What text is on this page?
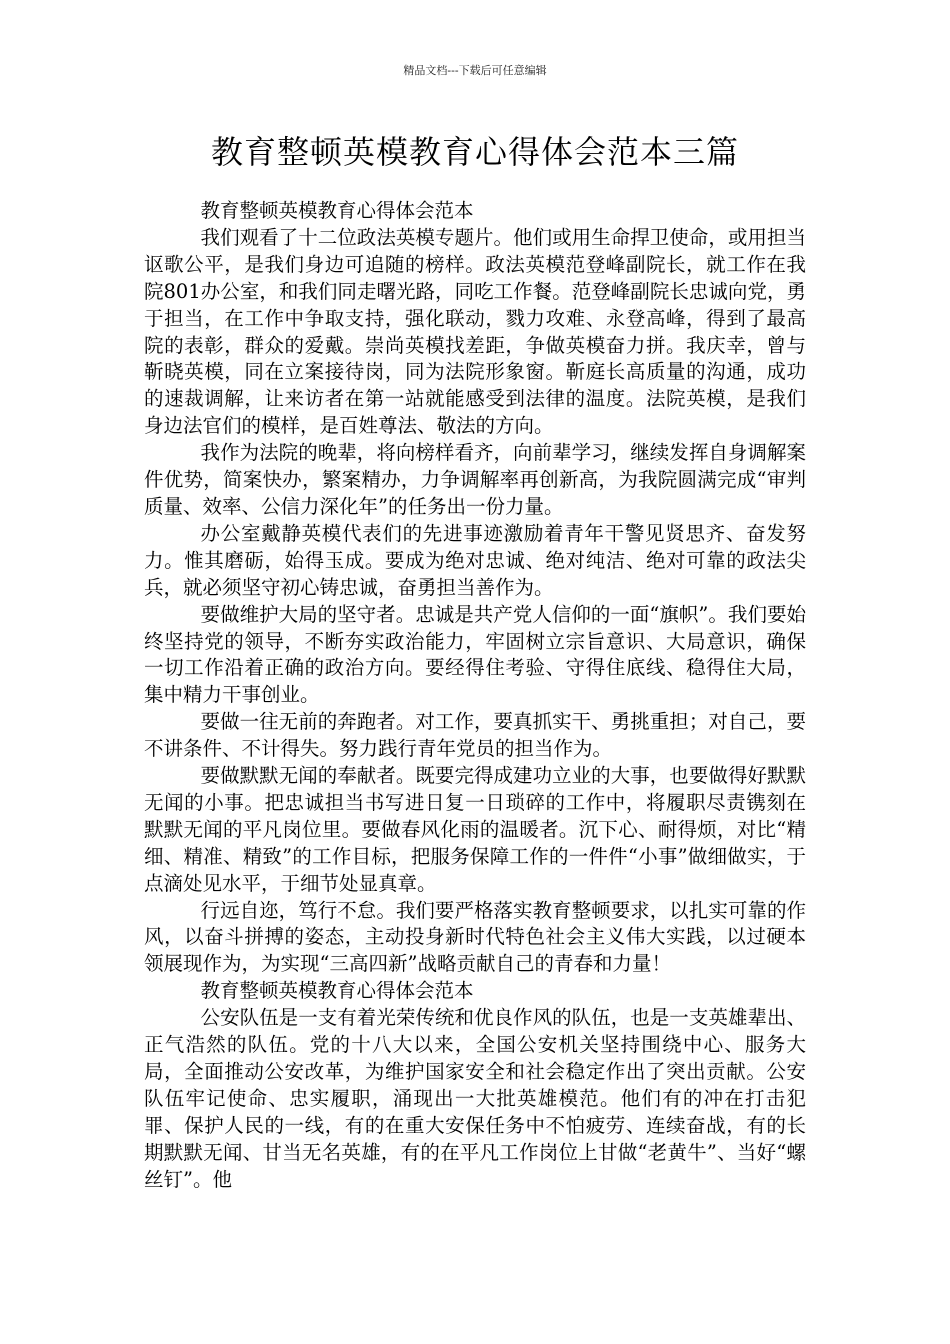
精品文档---下载后可任意编辑
教育整顿英模教育心得体会范本三篇

教育整顿英模教育心得体会范本

我们观看了十二位政法英模专题片。他们或用生命捍卫使命，或用担当讴歌公平，是我们身边可追随的榜样。政法英模范登峰副院长，就工作在我院801办公室，和我们同走曙光路，同吃工作餐。范登峰副院长忠诚向党，勇于担当，在工作中争取支持，强化联动，戮力攻难、永登高峰，得到了最高院的表彰，群众的爱戴。崇尚英模找差距，争做英模奋力拼。我庆幸，曾与靳晓英模，同在立案接待岗，同为法院形象窗。靳庭长高质量的沟通，成功的速裁调解，让来访者在第一站就能感受到法律的温度。法院英模，是我们身边法官们的模样，是百姓尊法、敬法的方向。

我作为法院的晚辈，将向榜样看齐，向前辈学习，继续发挥自身调解案件优势，简案快办，繁案精办，力争调解率再创新高，为我院圆满完成“审判质量、效率、公信力深化年”的任务出一份力量。

办公室戴静英模代表们的先进事迹激励着青年干警见贤思齐、奋发努力。惟其磨砺，始得玉成。要成为绝对忠诚、绝对纯洁、绝对可靠的政法尖兵，就必须坚守初心铸忠诚，奋勇担当善作为。

要做维护大局的坚守者。忠诚是共产党人信仰的一面“旗帜”。我们要始终坚持党的领导，不断夯实政治能力，牢固树立宗旨意识、大局意识，确保一切工作沿着正确的政治方向。要经得住考验、守得住底线、稳得住大局，集中精力干事创业。

要做一往无前的奔跑者。对工作，要真抓实干、勇挑重担；对自己，要不讲条件、不计得失。努力践行青年党员的担当作为。

要做默默无闻的奉献者。既要完得成建功立业的大事，也要做得好默默无闻的小事。把忠诚担当书写进日复一日琐碎的工作中，将履职尽责镌刻在默默无闻的平凡岗位里。要做春风化雨的温暖者。沉下心、耐得烦，对比“精细、精准、精致”的工作目标，把服务保障工作的一件件“小事”做细做实，于点滴处见水平，于细节处显真章。

行远自迩，笃行不怠。我们要严格落实教育整顿要求，以扎实可靠的作风，以奋斗拼搏的姿态，主动投身新时代特色社会主义伟大实践，以过硬本领展现作为，为实现“三高四新”战略贡献自己的青春和力量！

教育整顿英模教育心得体会范本

公安队伍是一支有着光荣传统和优良作风的队伍，也是一支英雄辈出、正气浩然的队伍。党的十八大以来，全国公安机关坚持围绕中心、服务大局，全面推动公安改革，为维护国家安全和社会稳定作出了突出贡献。公安队伍牢记使命、忠实履职，涌现出一大批英雄模范。他们有的冲在打击犯罪、保护人民的一线，有的在重大安保任务中不怕疲劳、连续奋战，有的长期默默无闻、甘当无名英雄，有的在平凡工作岗位上甘做“老黄牛”、当好“螺丝钉”。他
